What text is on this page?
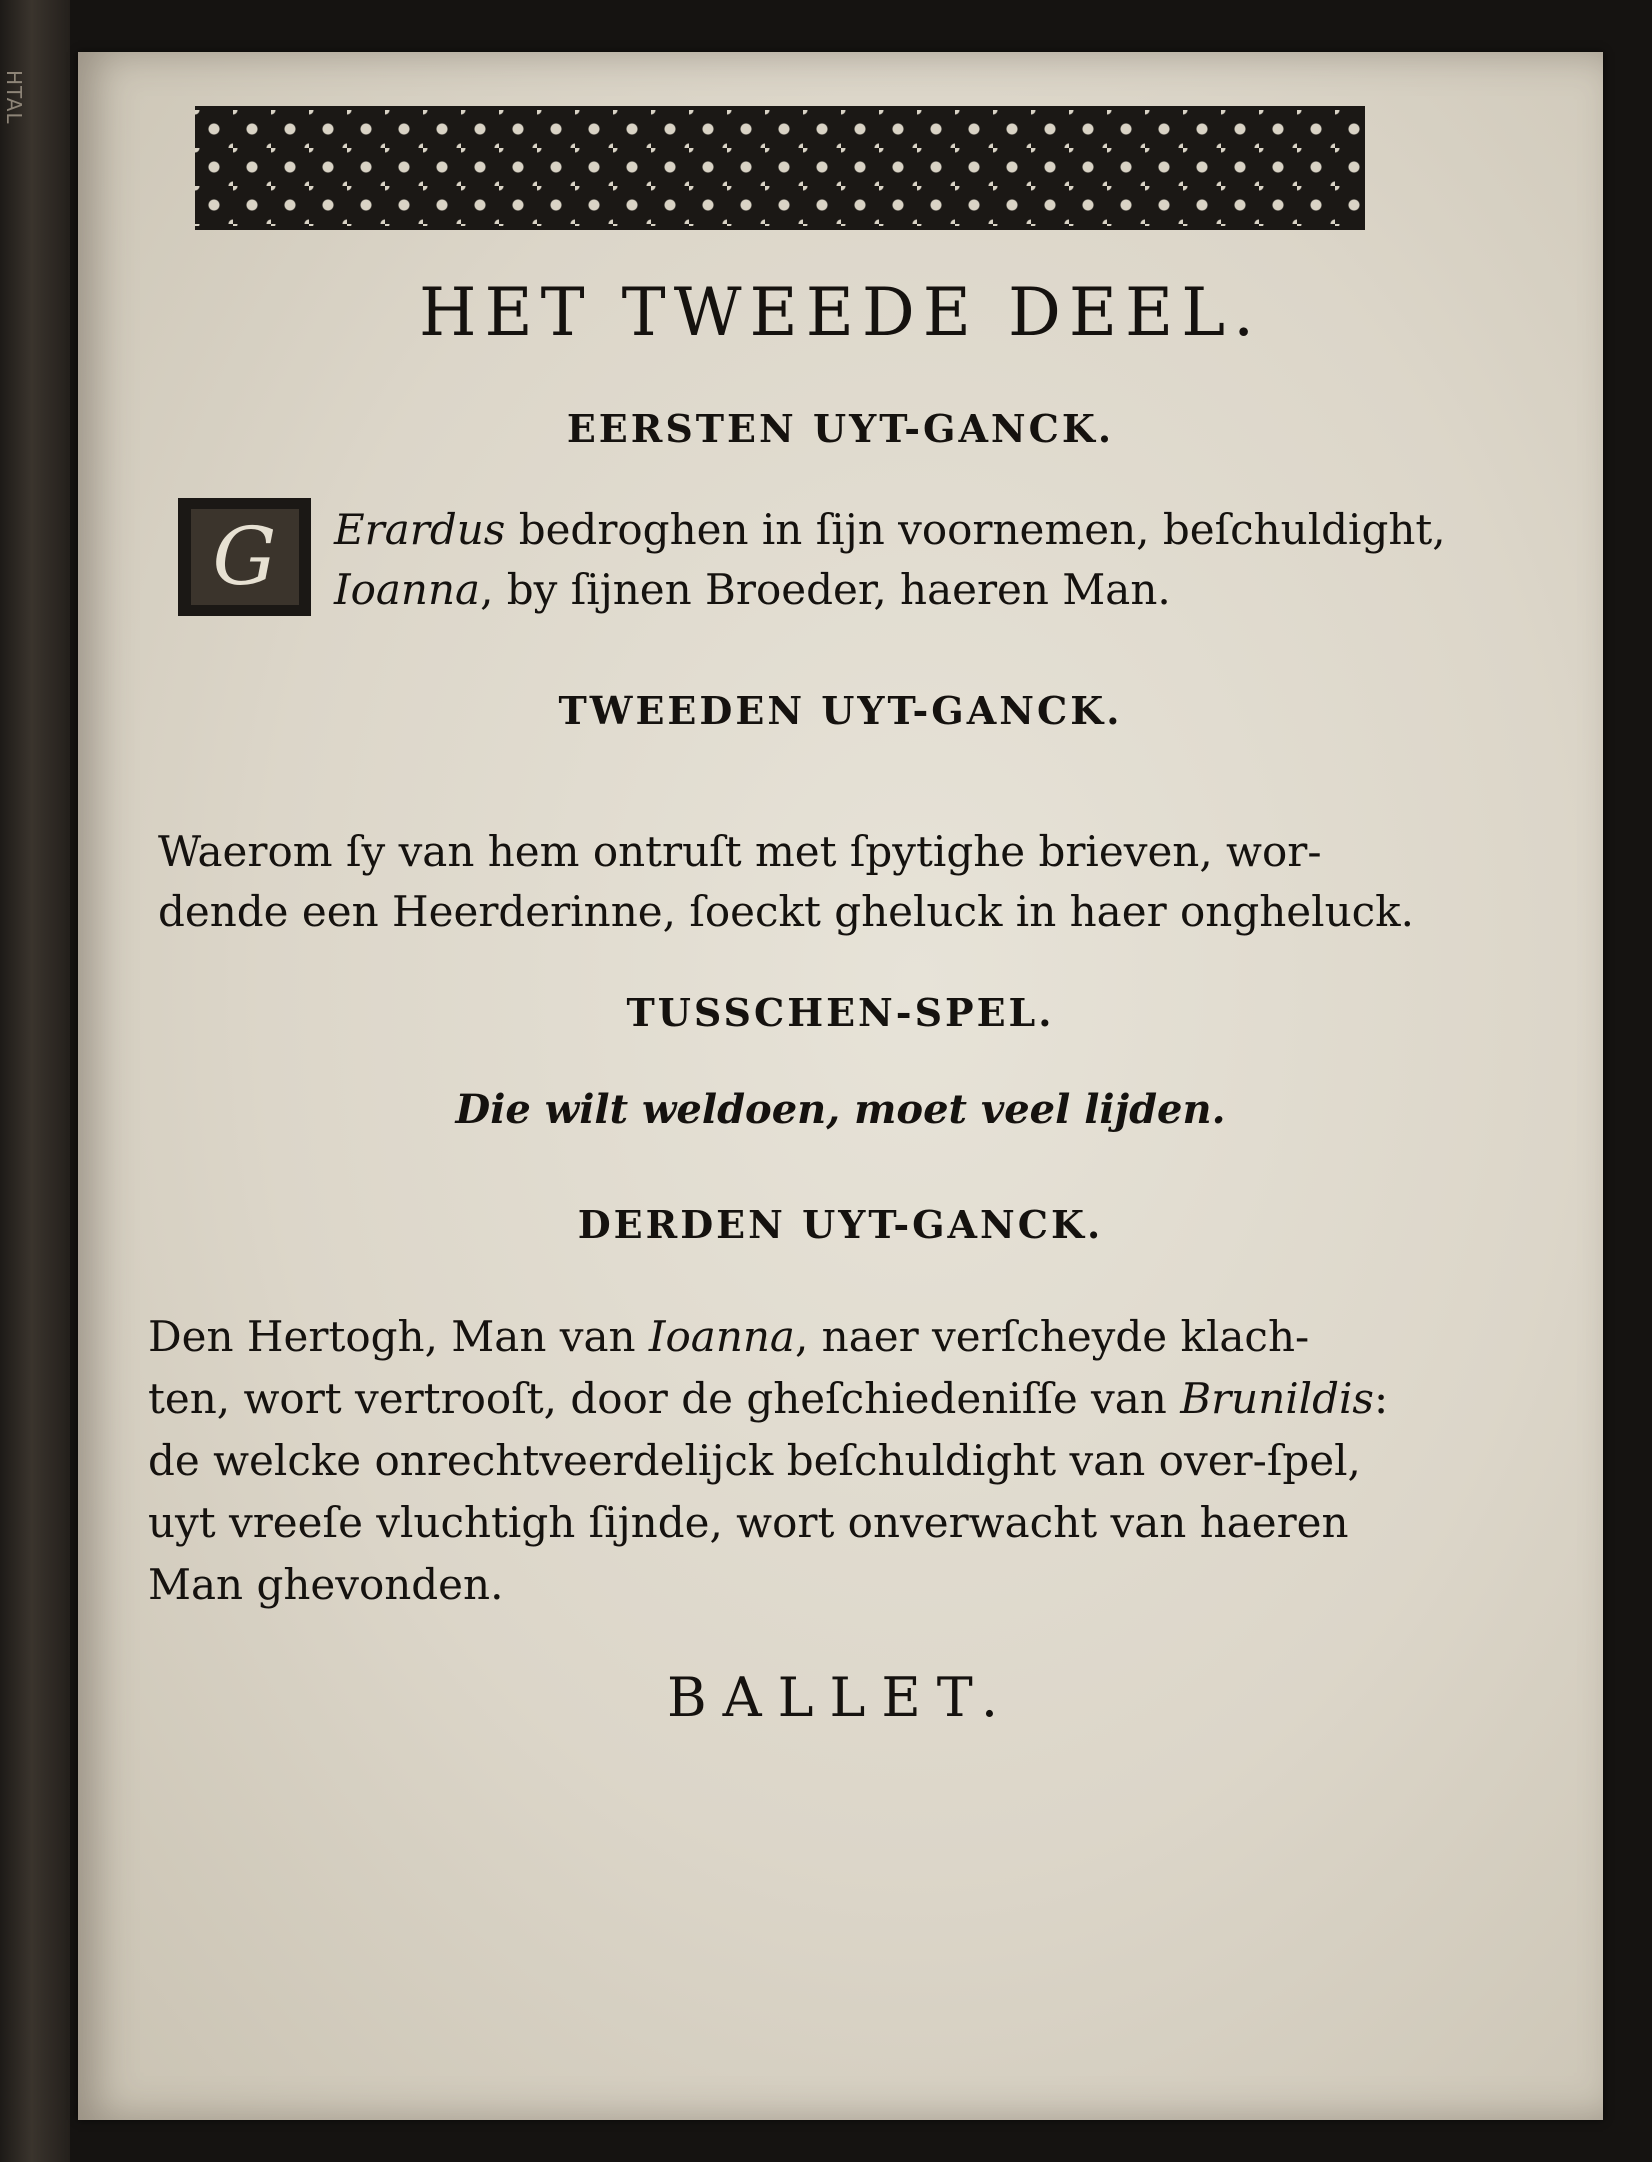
HTAL
HET TWEEDE DEEL.
EERSTEN UYT-GANCK.
G	Erardus bedroghen in ſijn voornemen, beſchuldight,
Ioanna, by ſijnen Broeder, haeren Man.

TWEEDEN UYT-GANCK.

Waerom ſy van hem ontruſt met ſpytighe brieven, wor-
dende een Heerderinne, ſoeckt gheluck in haer ongheluck.

TUSSCHEN-SPEL.

Die wilt weldoen, moet veel lijden.

DERDEN UYT-GANCK.

Den Hertogh, Man van Ioanna, naer verſcheyde klach-
ten, wort vertrooſt, door de gheſchiedeniſſe van Brunildis:
de welcke onrechtveerdelijck beſchuldight van over-ſpel,
uyt vreeſe vluchtigh ſijnde, wort onverwacht van haeren
Man ghevonden.

BALLET.
